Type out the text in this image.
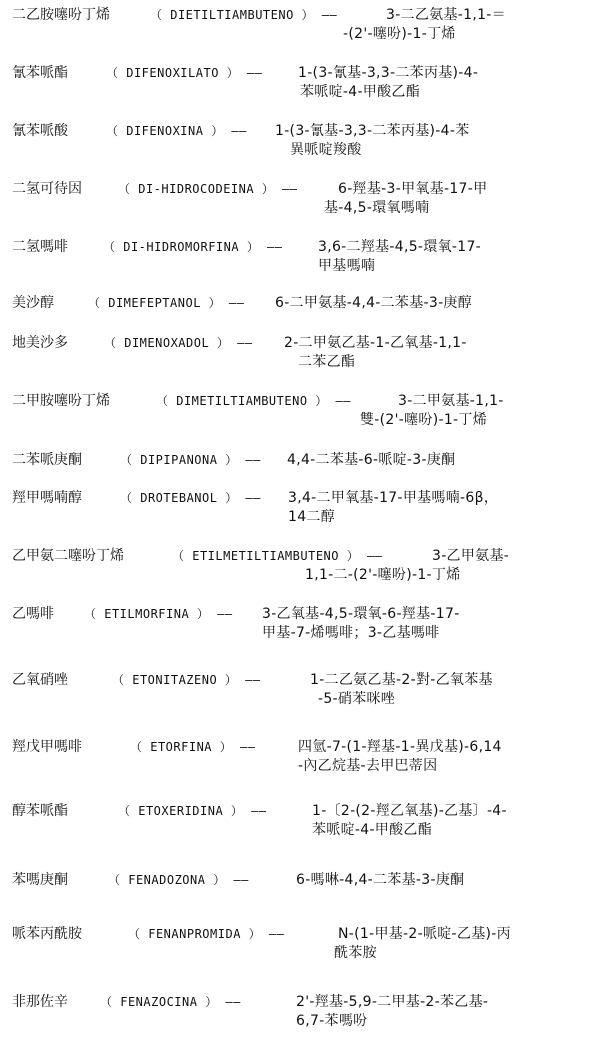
二乙胺噻吩丁烯	（ DIETILTIAMBUTENO ） ——	3-二乙氨基-1,1-＝
-(2'-噻吩)-1-丁烯
氰苯哌酯	（ DIFENOXILATO ） ——	1-(3-氰基-3,3-二苯丙基)-4-
苯哌啶-4-甲酸乙酯
氰苯哌酸	（ DIFENOXINA ） —— 1-(3-氰基-3,3-二苯丙基)-4-苯
異哌啶羧酸
二氢可待因	（ DI-HIDROCODEINA ） ——	6-羥基-3-甲氧基-17-甲
基-4,5-環氧嗎喃
二氢嗎啡	（ DI-HIDROMORFINA ） ——	3,6-二羥基-4,5-環氧-17-
甲基嗎喃
美沙醇	（ DIMEFEPTANOL ） —— 6-二甲氨基-4,4-二苯基-3-庚醇
地美沙多	（ DIMENOXADOL ） —— 2-二甲氨乙基-1-乙氧基-1,1-
二苯乙酯
二甲胺噻吩丁烯	（ DIMETILTIAMBUTENO ） ——	3-二甲氨基-1,1-
雙-(2'-噻吩)-1-丁烯
二苯哌庚酮	（ DIPIPANONA ） —— 4,4-二苯基-6-哌啶-3-庚酮
羥甲嗎喃醇	（ DROTEBANOL ） —— 3,4-二甲氧基-17-甲基嗎喃-6β，
14二醇
乙甲氨二噻吩丁烯	（ ETILMETILTIAMBUTENO ） ——	3-乙甲氨基-
1,1-二-(2'-噻吩)-1-丁烯
乙嗎啡	（ ETILMORFINA ） —— 3-乙氧基-4,5-環氧-6-羥基-17-
甲基-7-烯嗎啡；3-乙基嗎啡
乙氧硝唑	（ ETONITAZENO ） ——	1-二乙氨乙基-2-對-乙氧苯基
-5-硝苯咪唑
羥戊甲嗎啡	（ ETORFINA ） ——	四氫-7-(1-羥基-1-異戊基)-6,14
-內乙烷基-去甲巴蒂因
醇苯哌酯	（ ETOXERIDINA ） ——	1-〔2-(2-羥乙氧基)-乙基〕-4-
苯哌啶-4-甲酸乙酯
苯嗎庚酮	（ FENADOZONA ） ——	6-嗎啉-4,4-二苯基-3-庚酮
哌苯丙酰胺	（ FENANPROMIDA ） ——	N-(1-甲基-2-哌啶-乙基)-丙
酰苯胺
非那佐辛	（ FENAZOCINA ） ——	2'-羥基-5,9-二甲基-2-苯乙基-
6,7-苯嗎吩
